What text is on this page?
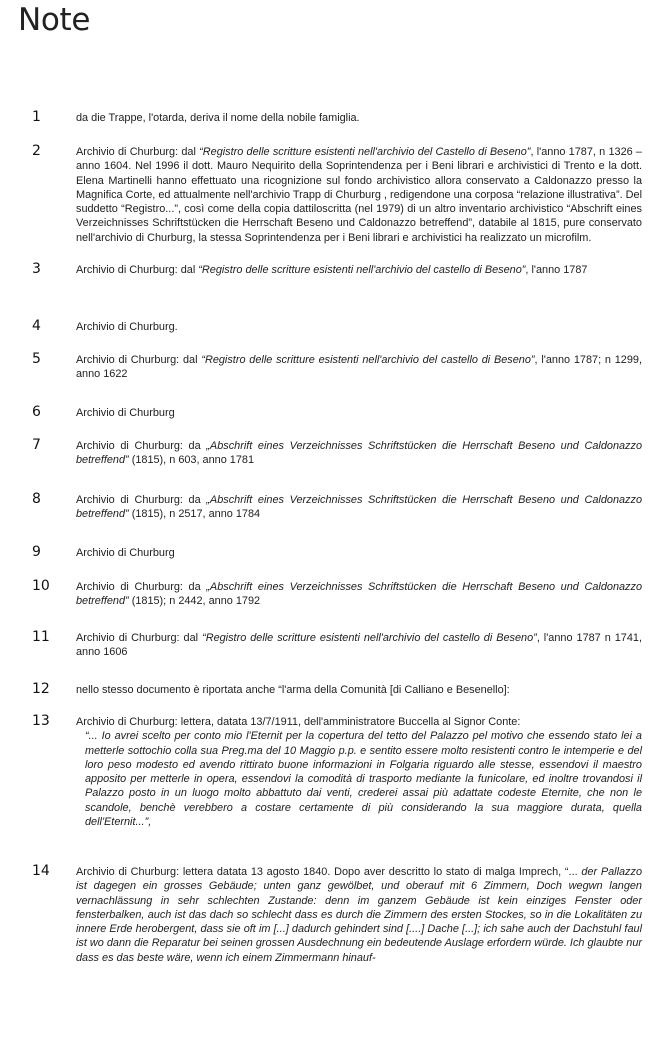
Note
1	da die Trappe, l'otarda, deriva il nome della nobile famiglia.
2	Archivio di Churburg: dal “Registro delle scritture esistenti nell'archivio del Castello di Beseno”, l'anno 1787, n 1326 – anno 1604. Nel 1996 il dott. Mauro Nequirito della Soprintendenza per i Beni librari e archivistici di Trento e la dott. Elena Martinelli hanno effettuato una ricognizione sul fondo archivistico allora conservato a Caldonazzo presso la Magnifica Corte, ed attualmente nell'archivio Trapp di Churburg , redigendone una corposa “relazione illustrativa”. Del suddetto “Registro...”, così come della copia dattiloscritta (nel 1979) di un altro inventario archivistico “Abschrift eines Verzeichnisses Schriftstücken die Herrschaft Beseno und Caldonazzo betreffend”, databile al 1815, pure conservato nell'archivio di Churburg, la stessa Soprintendenza per i Beni librari e archivistici ha realizzato un microfilm.
3	Archivio di Churburg: dal “Registro delle scritture esistenti nell'archivio del castello di Beseno”, l'anno 1787
4	Archivio di Churburg.
5	Archivio di Churburg: dal “Registro delle scritture esistenti nell'archivio del castello di Beseno”, l'anno 1787; n 1299, anno 1622
6	Archivio di Churburg
7	Archivio di Churburg: da „Abschrift eines Verzeichnisses Schriftstücken die Herrschaft Beseno und Caldonazzo betreffend” (1815), n 603, anno 1781
8	Archivio di Churburg: da „Abschrift eines Verzeichnisses Schriftstücken die Herrschaft Beseno und Caldonazzo betreffend” (1815), n 2517, anno 1784
9	Archivio di Churburg
10 Archivio di Churburg: da „Abschrift eines Verzeichnisses Schriftstücken die Herrschaft Beseno und Caldonazzo betreffend” (1815); n 2442, anno 1792
11 Archivio di Churburg: dal “Registro delle scritture esistenti nell'archivio del castello di Beseno”, l'anno 1787 n 1741, anno 1606
12 nello stesso documento è riportata anche “l'arma della Comunità [di Calliano e Besenello]:
13 Archivio di Churburg: lettera, datata 13/7/1911, dell'amministratore Buccella al Signor Conte:
“... Io avrei scelto per conto mio l'Eternit per la copertura del tetto del Palazzo pel motivo che essendo stato lei a metterle sottochio colla sua Preg.ma del 10 Maggio p.p. e sentito essere molto resistenti contro le intemperie e del loro peso modesto ed avendo rittirato buone informazioni in Folgaria riguardo alle stesse, essendovi il maestro apposito per metterle in opera, essendovi la comodità di trasporto mediante la funicolare, ed inoltre trovandosi il Palazzo posto in un luogo molto abbattuto dai venti, crederei assai più adattate codeste Eternite, che non le scandole, benchè verebbero a costare certamente di più considerando la sua maggiore durata, quella dell'Eternit...”,
14 Archivio di Churburg: lettera datata 13 agosto 1840. Dopo aver descritto lo stato di malga Imprech, “... der Pallazzo ist dagegen ein grosses Gebäude; unten ganz gewölbet, und oberauf mit 6 Zimmern, Doch wegwn langen vernachlässung in sehr schlechten Zustande: denn im ganzem Gebäude ist kein einziges Fenster oder fensterbalken, auch ist das dach so schlecht dass es durch die Zimmern des ersten Stockes, so in die Lokalitäten zu innere Erde herobergent, dass sie oft im [...] dadurch gehindert sind [....] Dache [...]; ich sahe auch der Dachstuhl faul ist wo dann die Reparatur bei seinen grossen Ausdechnung ein bedeutende Auslage erfordern würde. Ich glaubte nur dass es das beste wäre, wenn ich einem Zimmermann hinauf-
